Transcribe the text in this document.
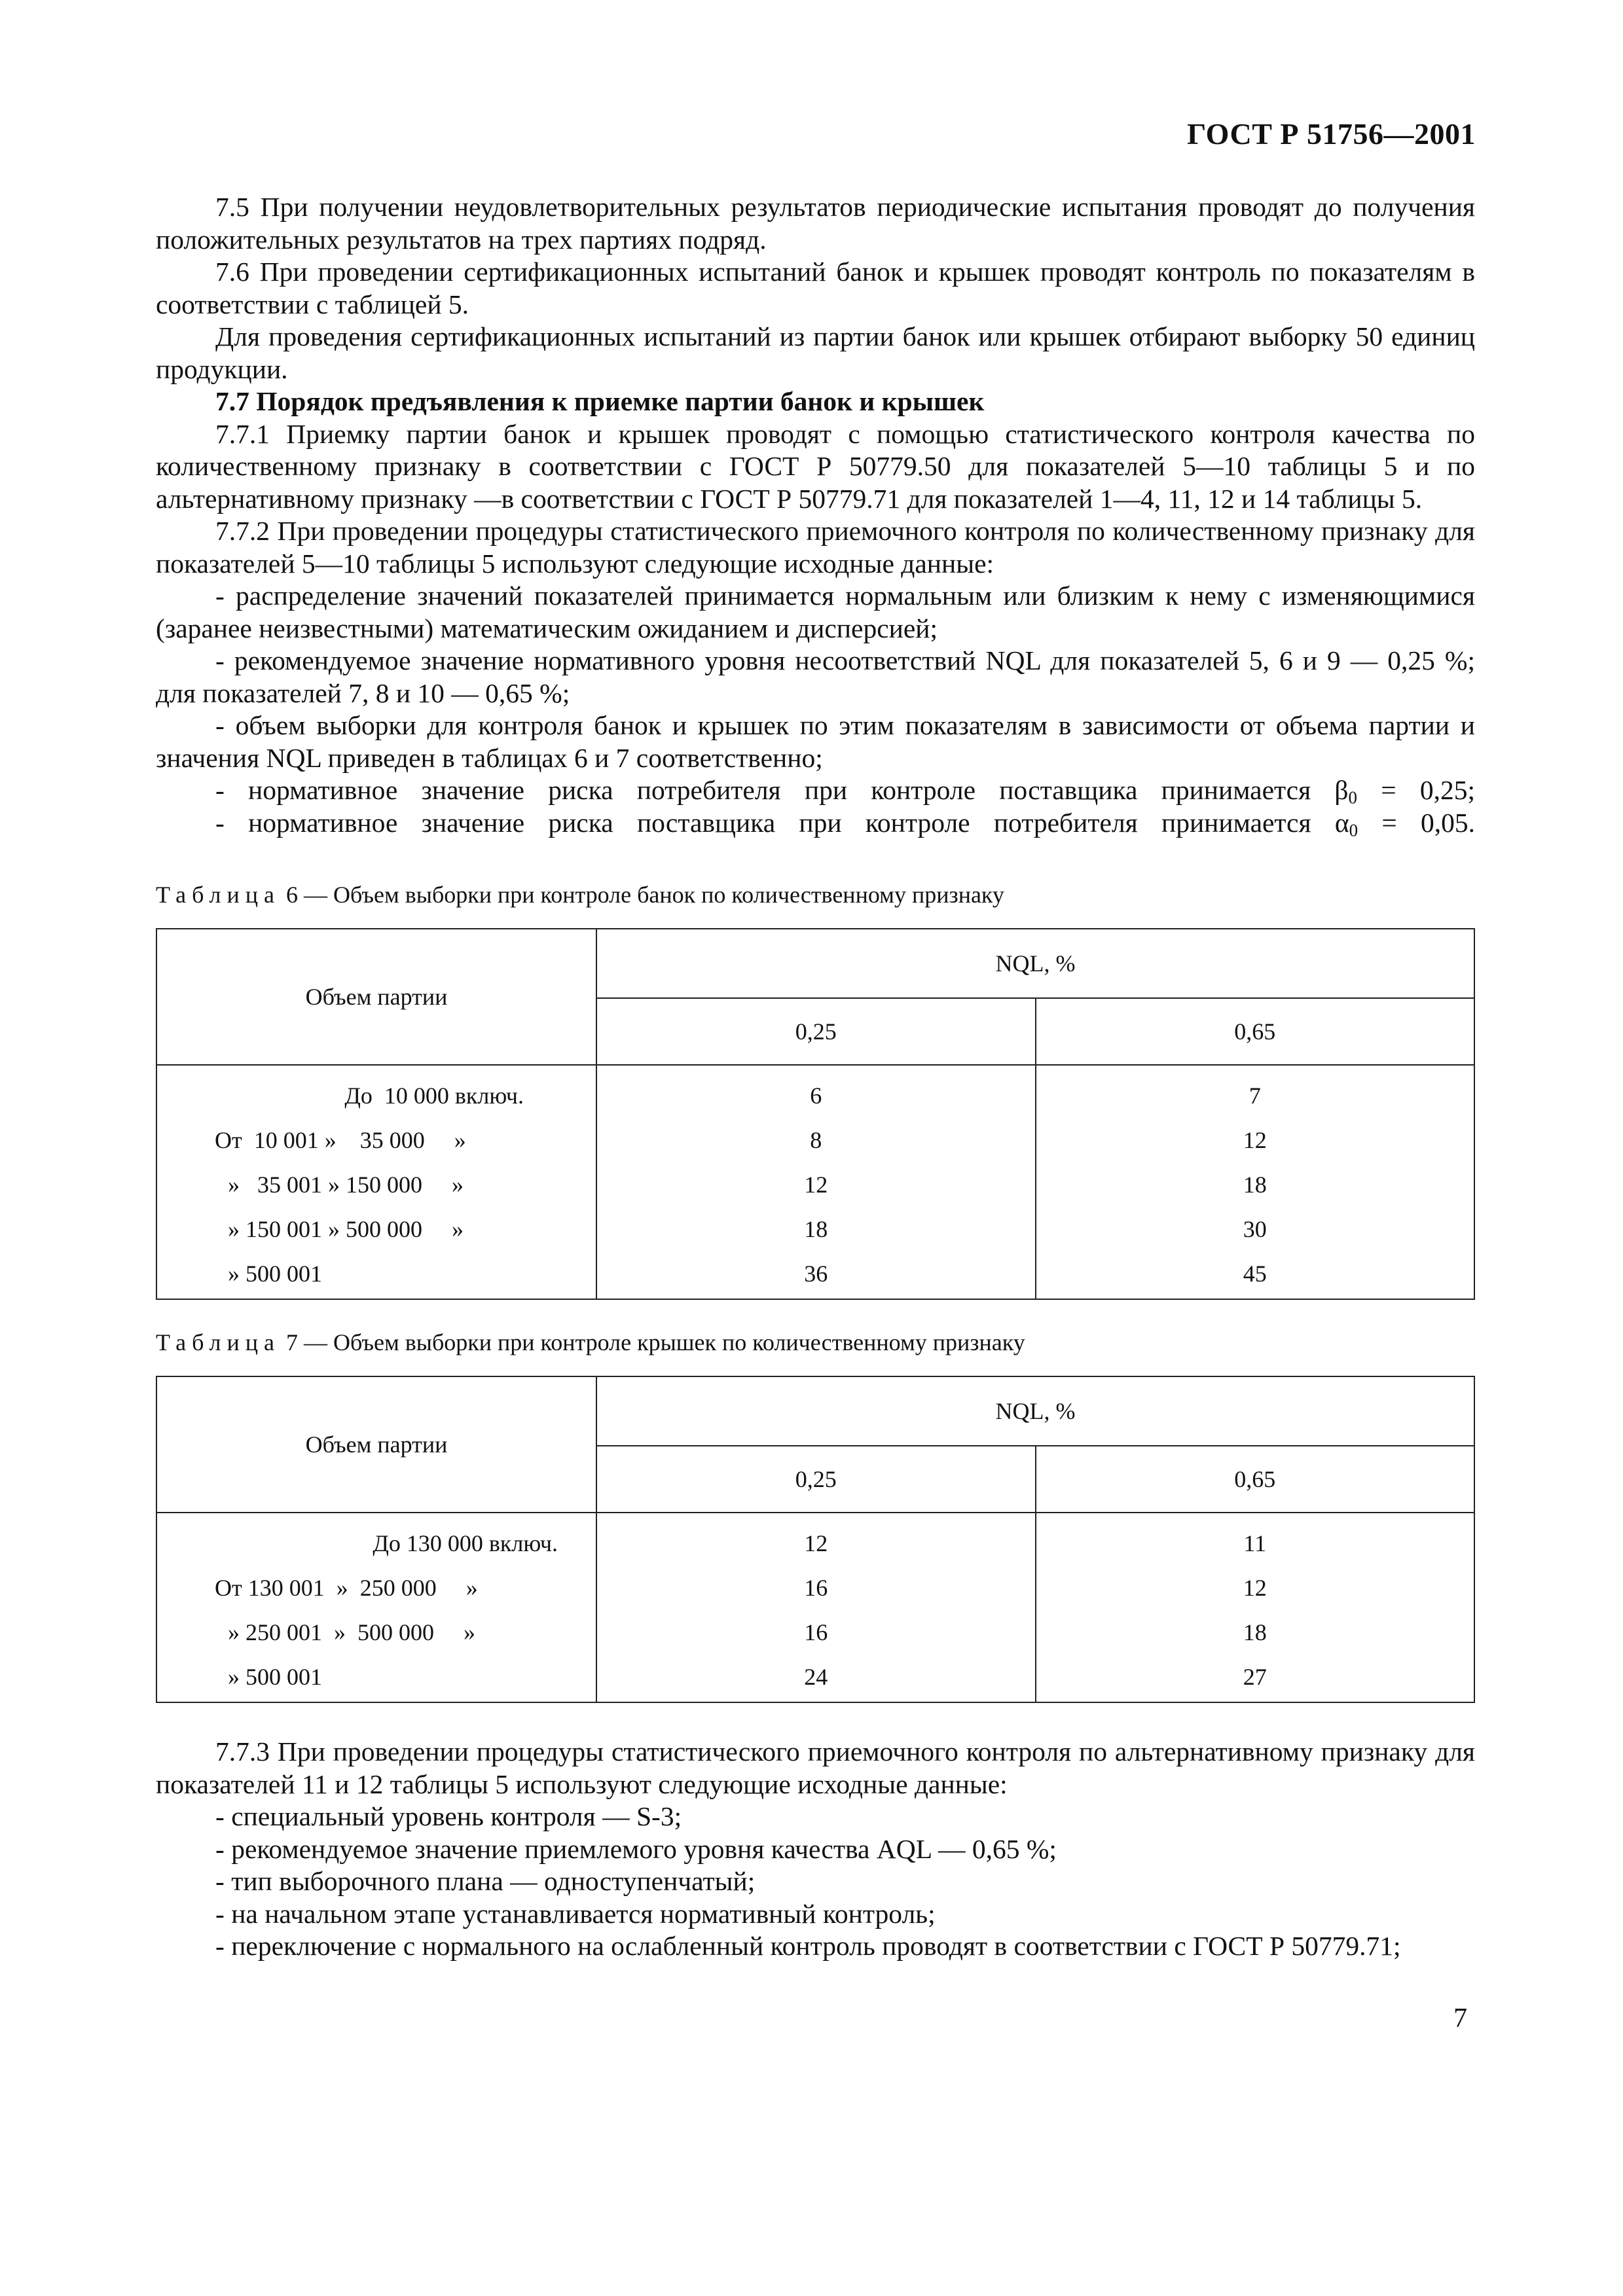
ГОСТ Р 51756—2001

7.5 При получении неудовлетворительных результатов периодические испытания проводят до получения положительных результатов на трех партиях подряд.

7.6 При проведении сертификационных испытаний банок и крышек проводят контроль по показателям в соответствии с таблицей 5.

Для проведения сертификационных испытаний из партии банок или крышек отбирают выборку 50 единиц продукции.

7.7 Порядок предъявления к приемке партии банок и крышек

7.7.1 Приемку партии банок и крышек проводят с помощью статистического контроля качества по количественному признаку в соответствии с ГОСТ Р 50779.50 для показателей 5—10 таблицы 5 и по альтернативному признаку —в соответствии с ГОСТ Р 50779.71 для показателей 1—4, 11, 12 и 14 таблицы 5.

7.7.2 При проведении процедуры статистического приемочного контроля по количественному признаку для показателей 5—10 таблицы 5 используют следующие исходные данные:

- распределение значений показателей принимается нормальным или близким к нему с изменяющимися (заранее неизвестными) математическим ожиданием и дисперсией;

- рекомендуемое значение нормативного уровня несоответствий NQL для показателей 5, 6 и 9 — 0,25 %; для показателей 7, 8 и 10 — 0,65 %;

- объем выборки для контроля банок и крышек по этим показателям в зависимости от объема партии и значения NQL приведен в таблицах 6 и 7 соответственно;

- нормативное значение риска потребителя при контроле поставщика принимается $\beta_0 = 0,25$;

- нормативное значение риска поставщика при контроле потребителя принимается $\alpha_0 = 0,05$.

Таблица 6 — Объем выборки при контроле банок по количественному признаку

Объем партии	NQL, %	
	0,25	0,65
До  10 000 включ.	6	7
От  10 001 »    35 000     »	8	12
»   35 001 » 150 000     »	12	18
» 150 001 » 500 000     »	18	30
» 500 001	36	45

Таблица 7 — Объем выборки при контроле крышек по количественному признаку

Объем партии	NQL, %	
	0,25	0,65
До 130 000 включ.	12	11
От 130 001  »  250 000     »	16	12
» 250 001  »  500 000     »	16	18
» 500 001	24	27

7.7.3 При проведении процедуры статистического приемочного контроля по альтернативному признаку для показателей 11 и 12 таблицы 5 используют следующие исходные данные:

- специальный уровень контроля — S-3;

- рекомендуемое значение приемлемого уровня качества AQL — 0,65 %;

- тип выборочного плана — одноступенчатый;

- на начальном этапе устанавливается нормативный контроль;

- переключение с нормального на ослабленный контроль проводят в соответствии с ГОСТ Р 50779.71;

7
